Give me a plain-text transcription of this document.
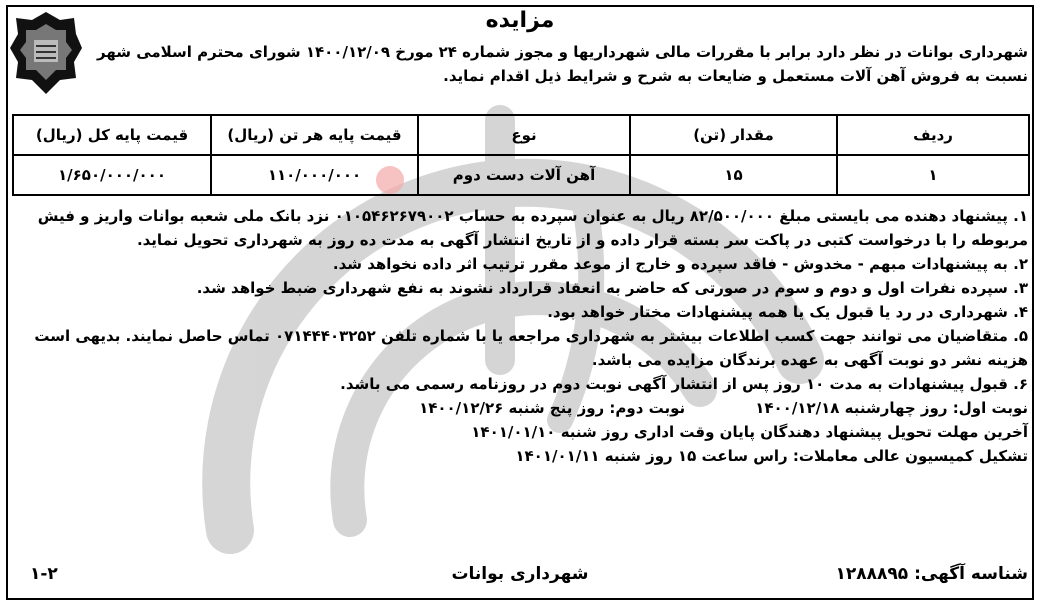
مزایده
شهرداری بوانات در نظر دارد برابر با مقررات مالی شهرداریها و مجوز شماره ۲۴ مورخ ۱۴۰۰/۱۲/۰۹ شورای محترم اسلامی شهر
نسبت به فروش آهن آلات مستعمل و ضایعات به شرح و شرایط ذیل اقدام نماید.
ردیف	مقدار (تن)	نوع	قیمت پایه هر تن (ریال)	قیمت پایه کل (ریال)
۱	۱۵	آهن آلات دست دوم	۱۱۰/۰۰۰/۰۰۰	۱/۶۵۰/۰۰۰/۰۰۰

۱. پیشنهاد دهنده می بایستی مبلغ ۸۲/۵۰۰/۰۰۰ ریال به عنوان سپرده به حساب ۰۱۰۵۴۶۲۶۷۹۰۰۲ نزد بانک ملی شعبه بوانات واریز و فیش

مربوطه را با درخواست کتبی در پاکت سر بسته قرار داده و از تاریخ انتشار آگهی به مدت ده روز به شهرداری تحویل نماید.

۲. به پیشنهادات مبهم - مخدوش - فاقد سپرده و خارج از موعد مقرر ترتیب اثر داده نخواهد شد.

۳. سپرده نفرات اول و دوم و سوم در صورتی که حاضر به انعقاد قرارداد نشوند به نفع شهرداری ضبط خواهد شد.

۴. شهرداری در رد یا قبول یک یا همه پیشنهادات مختار خواهد بود.

۵. متقاضیان می توانند جهت کسب اطلاعات بیشتر به شهرداری مراجعه یا با شماره تلفن ۰۷۱۴۴۴۰۳۲۵۲ تماس حاصل نمایند. بدیهی است

هزینه نشر دو نوبت آگهی به عهده برندگان مزایده می باشد.

۶. قبول پیشنهادات به مدت ۱۰ روز پس از انتشار آگهی نوبت دوم در روزنامه رسمی می باشد.

نوبت اول: روز چهارشنبه ۱۴۰۰/۱۲/۱۸
نوبت دوم: روز پنج شنبه ۱۴۰۰/۱۲/۲۶

آخرین مهلت تحویل پیشنهاد دهندگان پایان وقت اداری روز شنبه ۱۴۰۱/۰۱/۱۰

تشکیل کمیسیون عالی معاملات: راس ساعت ۱۵ روز شنبه ۱۴۰۱/۰۱/۱۱

شناسه آگهی: ۱۲۸۸۸۹۵
شهرداری بوانات
۱-۲
